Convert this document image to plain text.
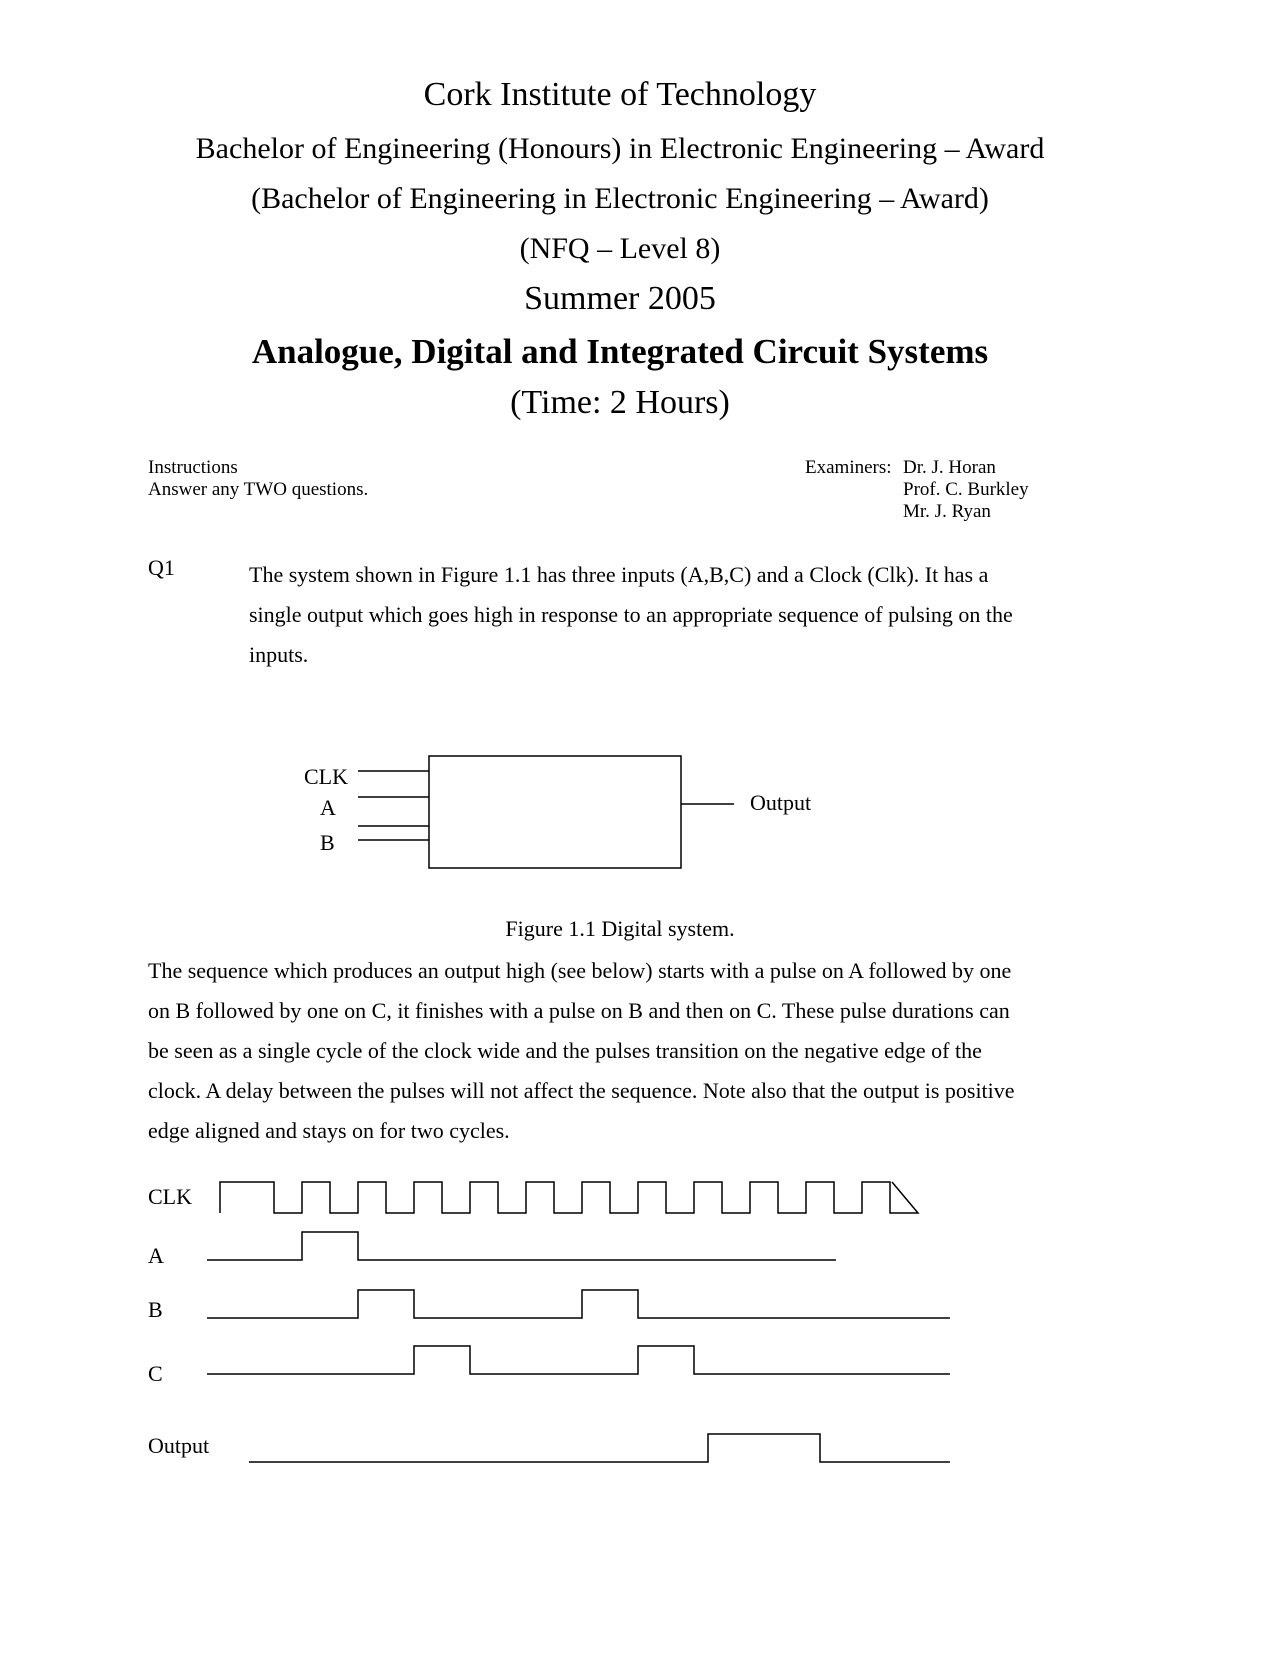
Cork Institute of Technology
Bachelor of Engineering (Honours) in Electronic Engineering – Award
(Bachelor of Engineering in Electronic Engineering – Award)
(NFQ – Level 8)
Summer 2005
Analogue, Digital and Integrated Circuit Systems
(Time: 2 Hours)
Instructions
Answer any TWO questions.
Examiners: Dr. J. Horan
Prof. C. Burkley
Mr. J. Ryan
Q1	The system shown in Figure 1.1 has three inputs (A,B,C) and a Clock (Clk). It has a
single output which goes high in response to an appropriate sequence of pulsing on the
inputs.
CLK
A
B
Output
Figure 1.1 Digital system.
The sequence which produces an output high (see below) starts with a pulse on A followed by one
on B followed by one on C, it finishes with a pulse on B and then on C. These pulse durations can
be seen as a single cycle of the clock wide and the pulses transition on the negative edge of the
clock. A delay between the pulses will not affect the sequence. Note also that the output is positive
edge aligned and stays on for two cycles.
CLK
A
B
C
Output
